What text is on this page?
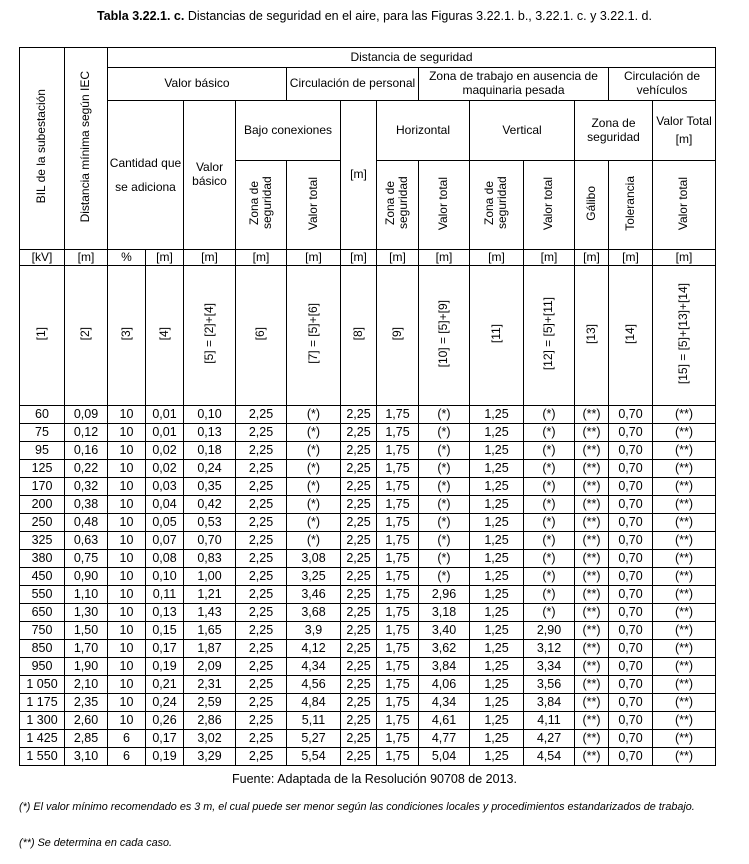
Tabla 3.22.1. c. Distancias de seguridad en el aire, para las Figuras 3.22.1. b., 3.22.1. c. y 3.22.1. d.
BIL de la subestación	Distancia mínima según IEC	Distancia de seguridad												
		Valor básico				Circulación de personal			Zona de trabajo en ausencia de maquinaria pesada				Circulación de vehículos	
		Cantidad que se adiciona		Valor básico	Bajo conexiones		[m]	Horizontal		Vertical		Zona de seguridad		Valor Total [m]
					Zona de seguridad	Valor total		Zona de seguridad	Valor total	Zona de seguridad	Valor total	Gálibo	Tolerancia	Valor total
[kV]	[m]	%	[m]	[m]	[m]	[m]	[m]	[m]	[m]	[m]	[m]	[m]	[m]	[m]
[1]	[2]	[3]	[4]	[5] = [2]+[4]	[6]	[7] = [5]+[6]	[8]	[9]	[10] = [5]+[9]	[11]	[12] = [5]+[11]	[13]	[14]	[15] = [5]+[13]+[14]
60	0,09	10	0,01	0,10	2,25	(*)	2,25	1,75	(*)	1,25	(*)	(**)	0,70	(**)
75	0,12	10	0,01	0,13	2,25	(*)	2,25	1,75	(*)	1,25	(*)	(**)	0,70	(**)
95	0,16	10	0,02	0,18	2,25	(*)	2,25	1,75	(*)	1,25	(*)	(**)	0,70	(**)
125	0,22	10	0,02	0,24	2,25	(*)	2,25	1,75	(*)	1,25	(*)	(**)	0,70	(**)
170	0,32	10	0,03	0,35	2,25	(*)	2,25	1,75	(*)	1,25	(*)	(**)	0,70	(**)
200	0,38	10	0,04	0,42	2,25	(*)	2,25	1,75	(*)	1,25	(*)	(**)	0,70	(**)
250	0,48	10	0,05	0,53	2,25	(*)	2,25	1,75	(*)	1,25	(*)	(**)	0,70	(**)
325	0,63	10	0,07	0,70	2,25	(*)	2,25	1,75	(*)	1,25	(*)	(**)	0,70	(**)
380	0,75	10	0,08	0,83	2,25	3,08	2,25	1,75	(*)	1,25	(*)	(**)	0,70	(**)
450	0,90	10	0,10	1,00	2,25	3,25	2,25	1,75	(*)	1,25	(*)	(**)	0,70	(**)
550	1,10	10	0,11	1,21	2,25	3,46	2,25	1,75	2,96	1,25	(*)	(**)	0,70	(**)
650	1,30	10	0,13	1,43	2,25	3,68	2,25	1,75	3,18	1,25	(*)	(**)	0,70	(**)
750	1,50	10	0,15	1,65	2,25	3,9	2,25	1,75	3,40	1,25	2,90	(**)	0,70	(**)
850	1,70	10	0,17	1,87	2,25	4,12	2,25	1,75	3,62	1,25	3,12	(**)	0,70	(**)
950	1,90	10	0,19	2,09	2,25	4,34	2,25	1,75	3,84	1,25	3,34	(**)	0,70	(**)
1 050	2,10	10	0,21	2,31	2,25	4,56	2,25	1,75	4,06	1,25	3,56	(**)	0,70	(**)
1 175	2,35	10	0,24	2,59	2,25	4,84	2,25	1,75	4,34	1,25	3,84	(**)	0,70	(**)
1 300	2,60	10	0,26	2,86	2,25	5,11	2,25	1,75	4,61	1,25	4,11	(**)	0,70	(**)
1 425	2,85	6	0,17	3,02	2,25	5,27	2,25	1,75	4,77	1,25	4,27	(**)	0,70	(**)
1 550	3,10	6	0,19	3,29	2,25	5,54	2,25	1,75	5,04	1,25	4,54	(**)	0,70	(**)
Fuente: Adaptada de la Resolución 90708 de 2013.
(*) El valor mínimo recomendado es 3 m, el cual puede ser menor según las condiciones locales y procedimientos estandarizados de trabajo.
(**) Se determina en cada caso.
